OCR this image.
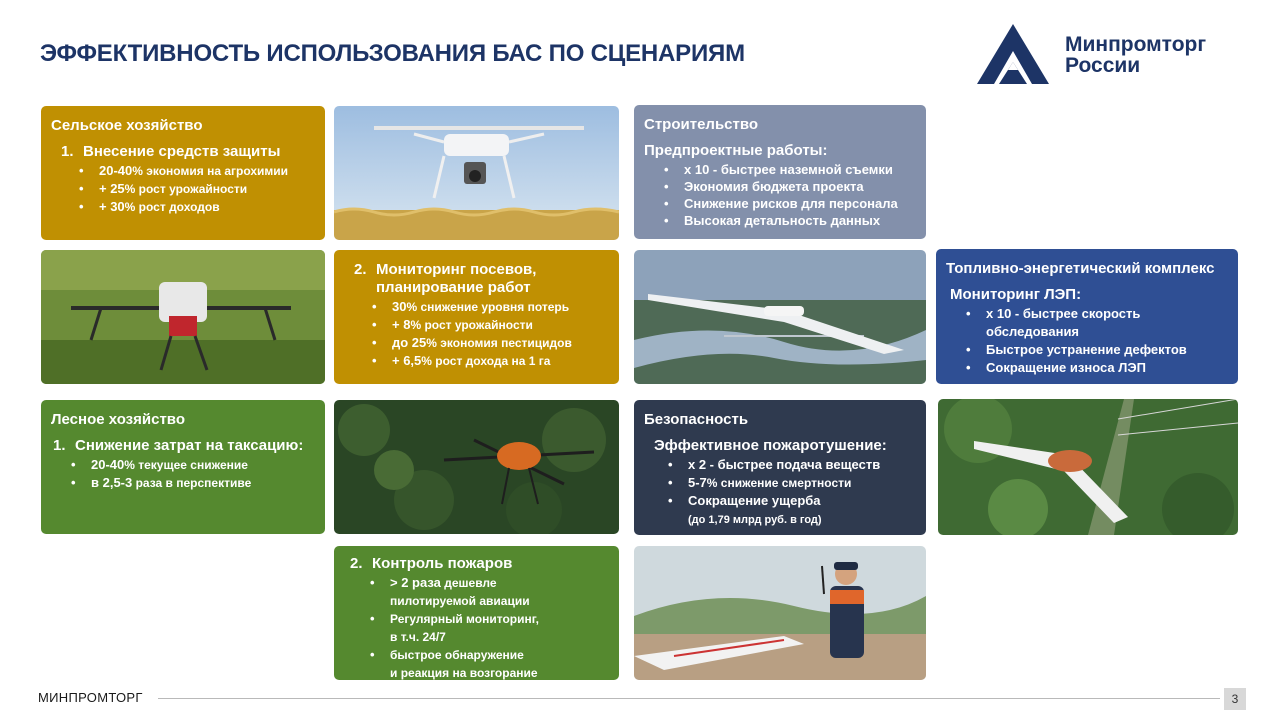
ЭФФЕКТИВНОСТЬ ИСПОЛЬЗОВАНИЯ БАС ПО СЦЕНАРИЯМ	Минпромторг
России
Сельское хозяйство
1. Внесение средств защиты
• 20-40% экономия на агрохимии
• + 25% рост урожайности
• + 30% рост доходов
Строительство
Предпроектные работы:
• х 10 - быстрее наземной съемки
• Экономия бюджета проекта
• Снижение рисков для персонала
• Высокая детальность данных
2. Мониторинг посевов,
планирование работ
• 30% снижение уровня потерь
• + 8% рост урожайности
• до 25% экономия пестицидов
• + 6,5% рост дохода на 1 га
Топливно-энергетический комплекс
Мониторинг ЛЭП:
• х 10 - быстрее скорость
обследования
• Быстрое устранение дефектов
• Сокращение износа ЛЭП
Лесное хозяйство
1. Снижение затрат на таксацию:
• 20-40% текущее снижение
• в 2,5-3 раза в перспективе
Безопасность
Эффективное пожаротушение:
• х 2 - быстрее подача веществ
• 5-7% снижение смертности
• Сокращение ущерба
(до 1,79 млрд руб. в год)
2. Контроль пожаров
• > 2 раза дешевле
пилотируемой авиации
• Регулярный мониторинг,
в т.ч. 24/7
• быстрое обнаружение
и реакция на возгорание
МИНПРОМТОРГ	3
